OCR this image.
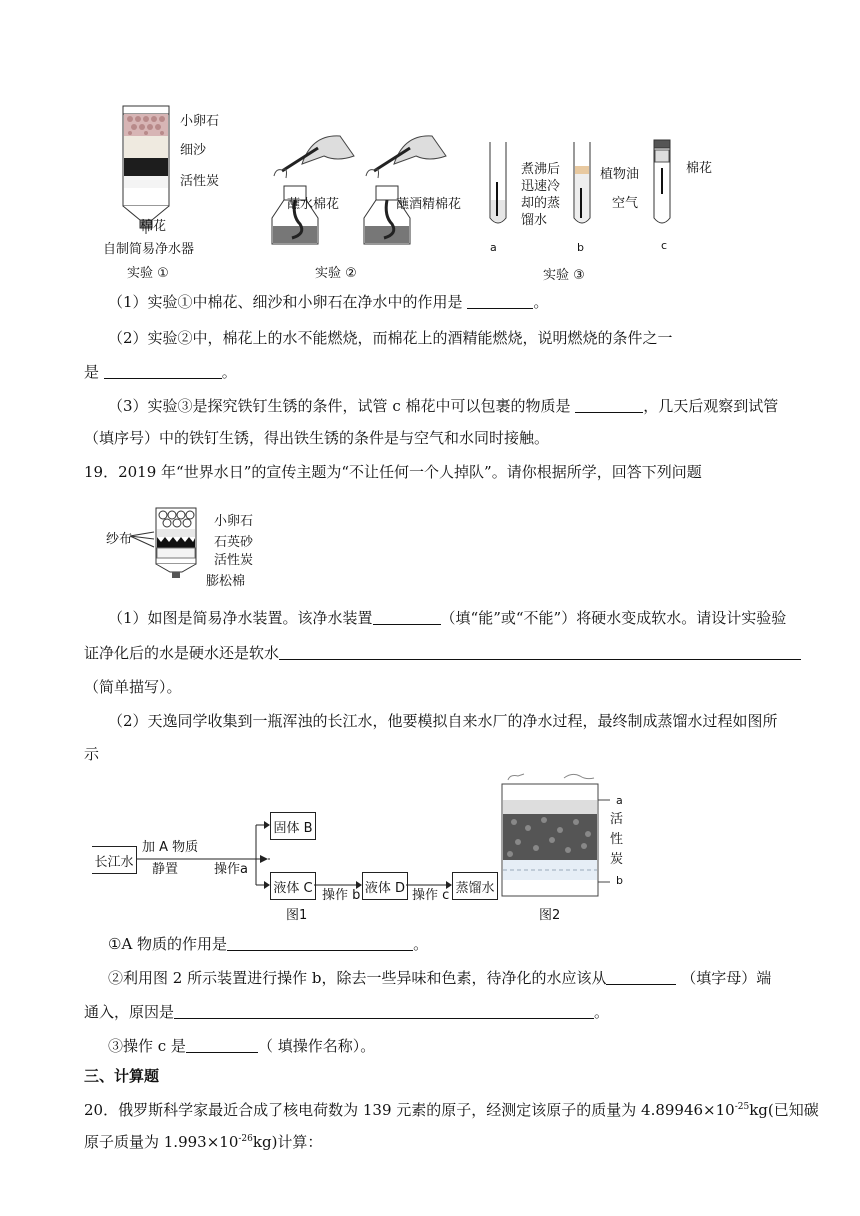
小卵石
细沙
活性炭
棉花
自制简易净水器
实验 ①
蘸水棉花	蘸酒精棉花
实验 ②
a
煮沸后迅速冷却的蒸馏水
植物油
b
棉花
空气
c
实验 ③
（1）实验①中棉花、细沙和小卵石在净水中的作用是	。
（2）实验②中，棉花上的水不能燃烧，而棉花上的酒精能燃烧，说明燃烧的条件之一
是	。
（3）实验③是探究铁钉生锈的条件，试管 c 棉花中可以包裹的物质是	，几天后观察到试管
（填序号）中的铁钉生锈，得出铁生锈的条件是与空气和水同时接触。
19．2019 年“世界水日”的宣传主题为“不让任何一个人掉队”。请你根据所学，回答下列问题
纱布
小卵石
石英砂
活性炭
膨松棉
（1）如图是简易净水装置。该净水装置	（填“能”或“不能”）将硬水变成软水。请设计实验验
证净化后的水是硬水还是软水
（简单描写）。
（2）天逸同学收集到一瓶浑浊的长江水，他要模拟自来水厂的净水过程，最终制成蒸馏水过程如图所
示
长江水
加 A 物质
静置	操作a
固体 B
液体 C 操作 b 液体 D 操作 c 蒸馏水
图1
a
活
性
炭
b
图2
①A 物质的作用是	。
②利用图 2 所示装置进行操作 b，除去一些异味和色素，待净化的水应该从	（填字母）端
通入，原因是	。
③操作 c 是	（ 填操作名称）。
三、计算题
20．俄罗斯科学家最近合成了核电荷数为 139 元素的原子，经测定该原子的质量为 $4.89946\times 10^{-25}kg$(已知碳
原子质量为 $1.993\times 10^{-26}kg$)计算：
